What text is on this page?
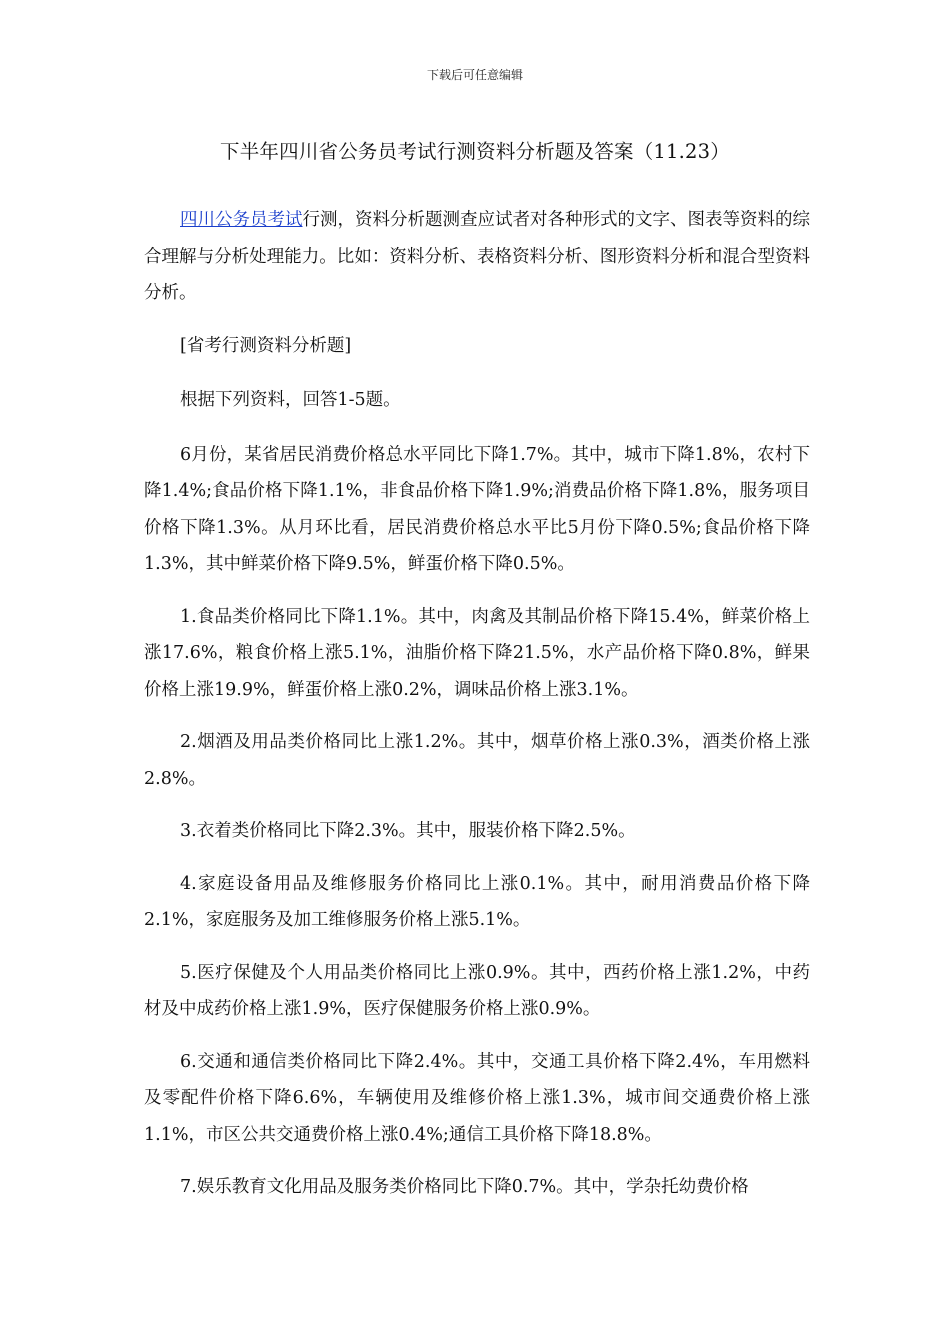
下载后可任意编辑
下半年四川省公务员考试行测资料分析题及答案（11.23）

四川公务员考试行测，资料分析题测查应试者对各种形式的文字、图表等资料的综合理解与分析处理能力。比如：资料分析、表格资料分析、图形资料分析和混合型资料分析。

[省考行测资料分析题]

根据下列资料，回答1-5题。

6月份，某省居民消费价格总水平同比下降1.7%。其中，城市下降1.8%，农村下降1.4%;食品价格下降1.1%，非食品价格下降1.9%;消费品价格下降1.8%，服务项目价格下降1.3%。从月环比看，居民消费价格总水平比5月份下降0.5%;食品价格下降1.3%，其中鲜菜价格下降9.5%，鲜蛋价格下降0.5%。

1.食品类价格同比下降1.1%。其中，肉禽及其制品价格下降15.4%，鲜菜价格上涨17.6%，粮食价格上涨5.1%，油脂价格下降21.5%，水产品价格下降0.8%，鲜果价格上涨19.9%，鲜蛋价格上涨0.2%，调味品价格上涨3.1%。

2.烟酒及用品类价格同比上涨1.2%。其中，烟草价格上涨0.3%，酒类价格上涨2.8%。

3.衣着类价格同比下降2.3%。其中，服装价格下降2.5%。

4.家庭设备用品及维修服务价格同比上涨0.1%。其中，耐用消费品价格下降2.1%，家庭服务及加工维修服务价格上涨5.1%。

5.医疗保健及个人用品类价格同比上涨0.9%。其中，西药价格上涨1.2%，中药材及中成药价格上涨1.9%，医疗保健服务价格上涨0.9%。

6.交通和通信类价格同比下降2.4%。其中，交通工具价格下降2.4%，车用燃料及零配件价格下降6.6%，车辆使用及维修价格上涨1.3%，城市间交通费价格上涨1.1%，市区公共交通费价格上涨0.4%;通信工具价格下降18.8%。

7.娱乐教育文化用品及服务类价格同比下降0.7%。其中，学杂托幼费价格
